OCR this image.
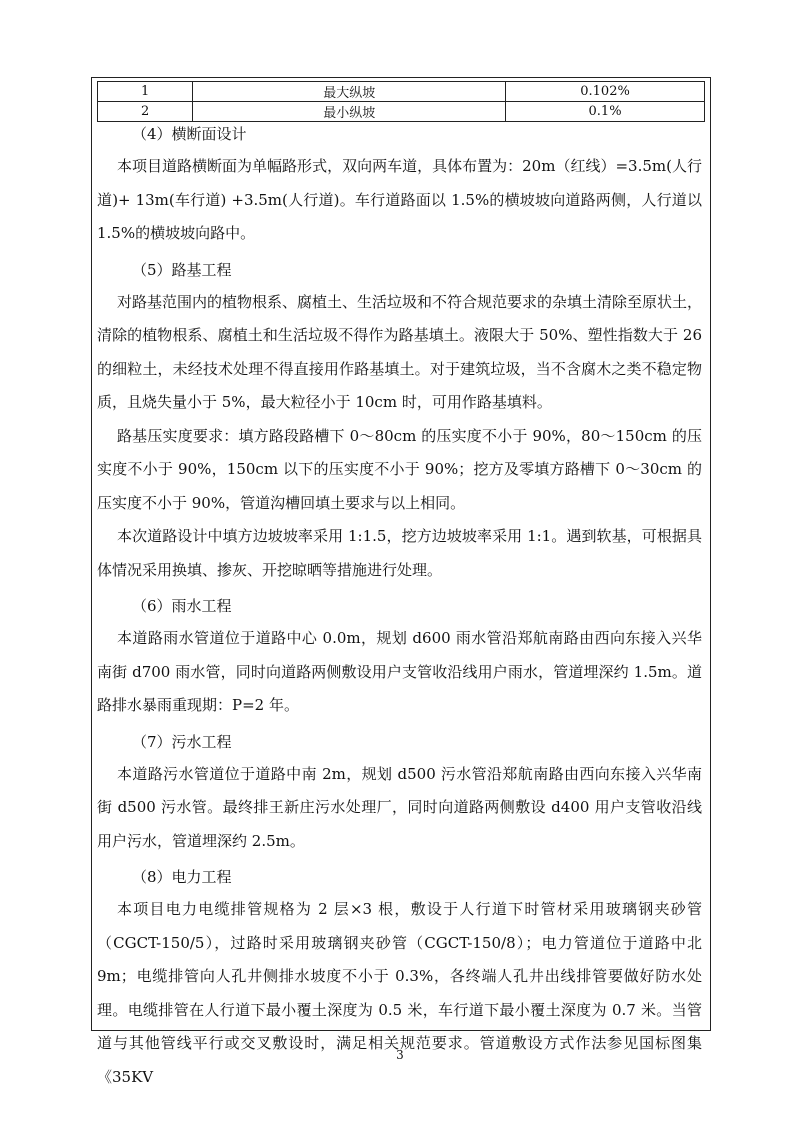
1	最大纵坡	0.102%
2	最小纵坡	0.1%
（4）横断面设计

本项目道路横断面为单幅路形式，双向两车道，具体布置为：20m（红线）=3.5m(人行道)+ 13m(车行道) +3.5m(人行道)。车行道路面以 1.5%的横坡坡向道路两侧，人行道以 1.5%的横坡坡向路中。

（5）路基工程

对路基范围内的植物根系、腐植土、生活垃圾和不符合规范要求的杂填土清除至原状土，清除的植物根系、腐植土和生活垃圾不得作为路基填土。液限大于 50%、塑性指数大于 26 的细粒土，未经技术处理不得直接用作路基填土。对于建筑垃圾，当不含腐木之类不稳定物质，且烧失量小于 5%，最大粒径小于 10cm 时，可用作路基填料。

路基压实度要求：填方路段路槽下 0～80cm 的压实度不小于 90%，80～150cm 的压实度不小于 90%，150cm 以下的压实度不小于 90%；挖方及零填方路槽下 0～30cm 的压实度不小于 90%，管道沟槽回填土要求与以上相同。

本次道路设计中填方边坡坡率采用 1:1.5，挖方边坡坡率采用 1:1。遇到软基，可根据具体情况采用换填、掺灰、开挖晾晒等措施进行处理。

（6）雨水工程

本道路雨水管道位于道路中心 0.0m，规划 d600 雨水管沿郑航南路由西向东接入兴华南街 d700 雨水管，同时向道路两侧敷设用户支管收沿线用户雨水，管道埋深约 1.5m。道路排水暴雨重现期：P=2 年。

（7）污水工程

本道路污水管道位于道路中南 2m，规划 d500 污水管沿郑航南路由西向东接入兴华南街 d500 污水管。最终排王新庄污水处理厂，同时向道路两侧敷设 d400 用户支管收沿线用户污水，管道埋深约 2.5m。

（8）电力工程

本项目电力电缆排管规格为 2 层×3 根，敷设于人行道下时管材采用玻璃钢夹砂管（CGCT-150/5），过路时采用玻璃钢夹砂管（CGCT-150/8）；电力管道位于道路中北 9m；电缆排管向人孔井侧排水坡度不小于 0.3%，各终端人孔井出线排管要做好防水处理。电缆排管在人行道下最小覆土深度为 0.5 米，车行道下最小覆土深度为 0.7 米。当管道与其他管线平行或交叉敷设时，满足相关规范要求。管道敷设方式作法参见国标图集《35KV

3
